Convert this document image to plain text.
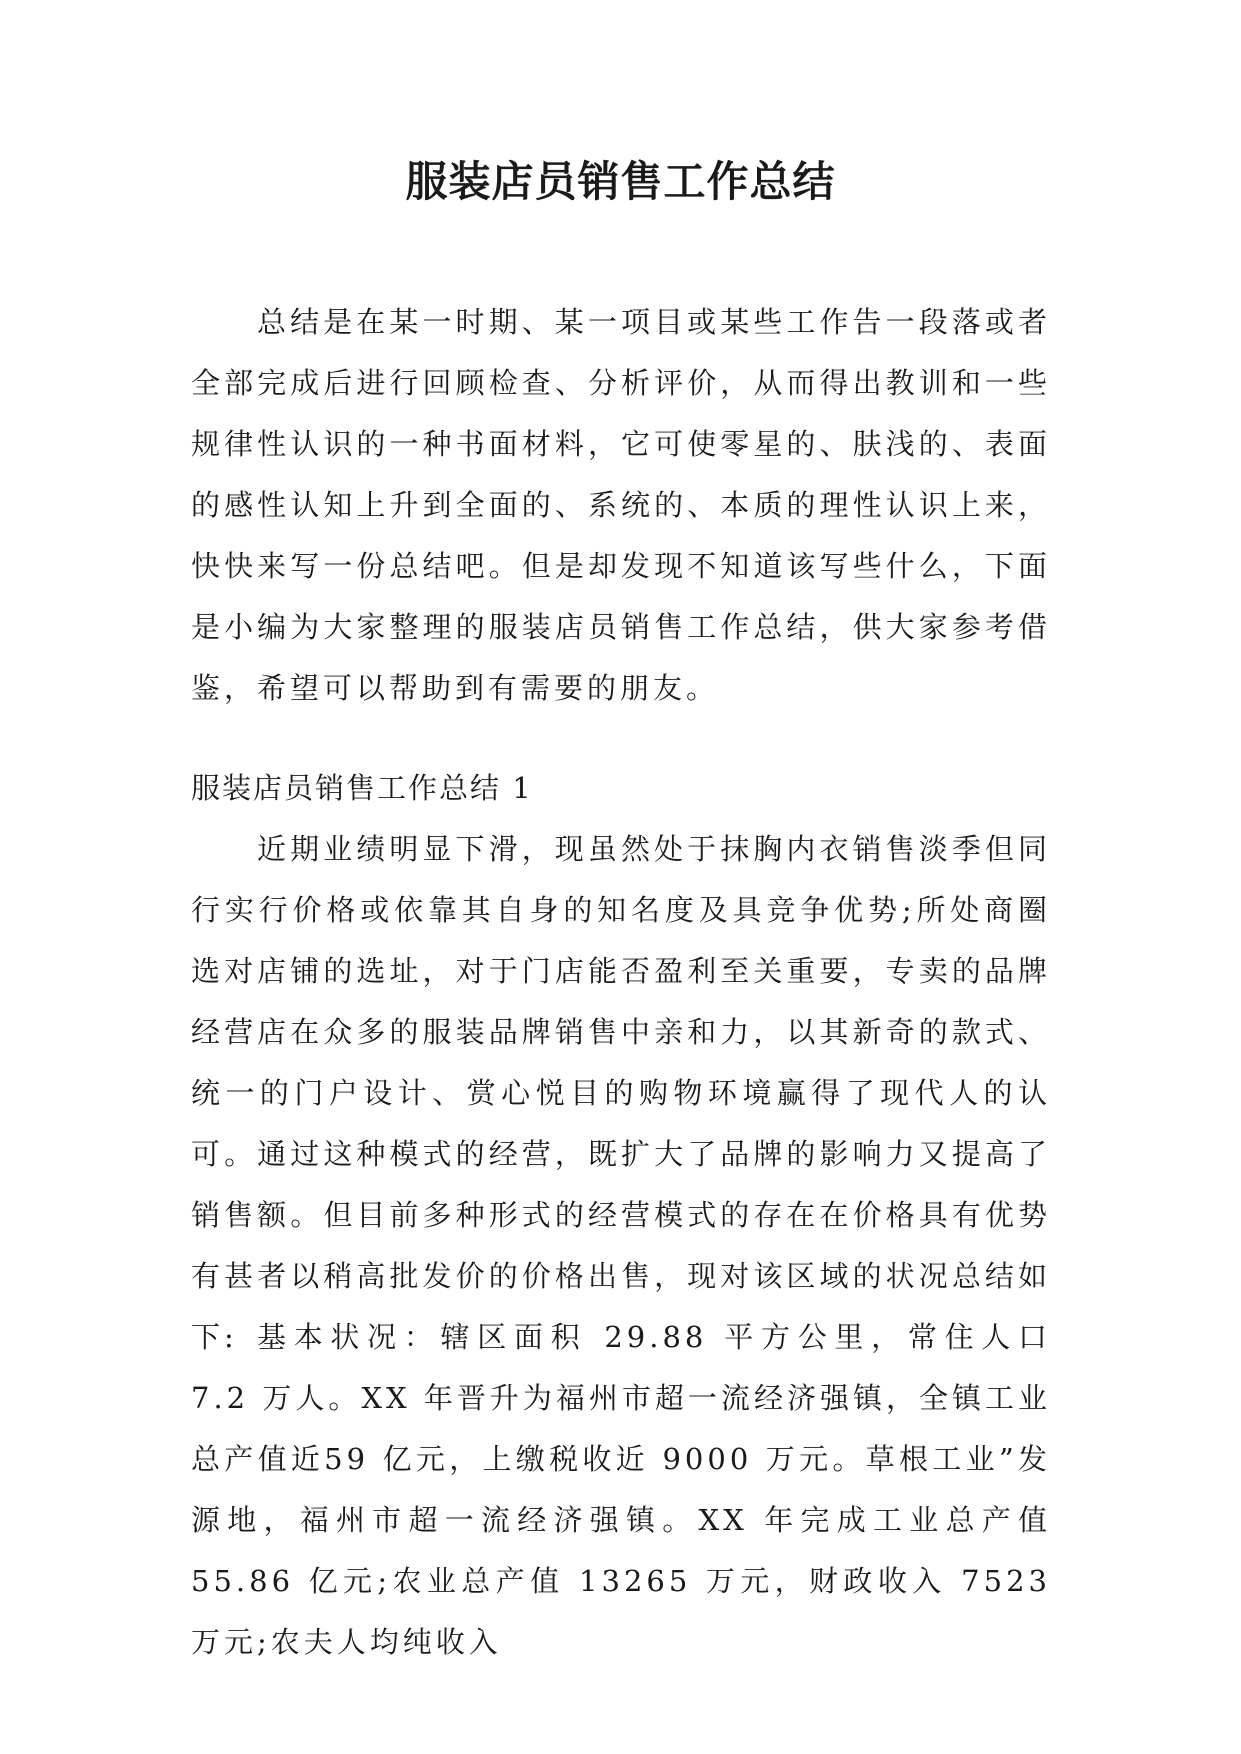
服装店员销售工作总结

总结是在某一时期、某一项目或某些工作告一段落或者全部完成后进行回顾检查、分析评价，从而得出教训和一些规律性认识的一种书面材料，它可使零星的、肤浅的、表面的感性认知上升到全面的、系统的、本质的理性认识上来，快快来写一份总结吧。但是却发现不知道该写些什么，下面是小编为大家整理的服装店员销售工作总结，供大家参考借鉴，希望可以帮助到有需要的朋友。

服装店员销售工作总结 1

近期业绩明显下滑，现虽然处于抹胸内衣销售淡季但同行实行价格或依靠其自身的知名度及具竞争优势;所处商圈选对店铺的选址，对于门店能否盈利至关重要，专卖的品牌经营店在众多的服装品牌销售中亲和力，以其新奇的款式、统一的门户设计、赏心悦目的购物环境赢得了现代人的认可。通过这种模式的经营，既扩大了品牌的影响力又提高了销售额。但目前多种形式的经营模式的存在在价格具有优势有甚者以稍高批发价的价格出售，现对该区域的状况总结如下: 基本状况：辖区面积 29.88 平方公里，常住人口 7.2 万人。XX 年晋升为福州市超一流经济强镇，全镇工业总产值近59 亿元，上缴税收近 9000 万元。草根工业”发源地，福州市超一流经济强镇。XX 年完成工业总产值 55.86 亿元;农业总产值 13265 万元，财政收入 7523 万元;农夫人均纯收入
